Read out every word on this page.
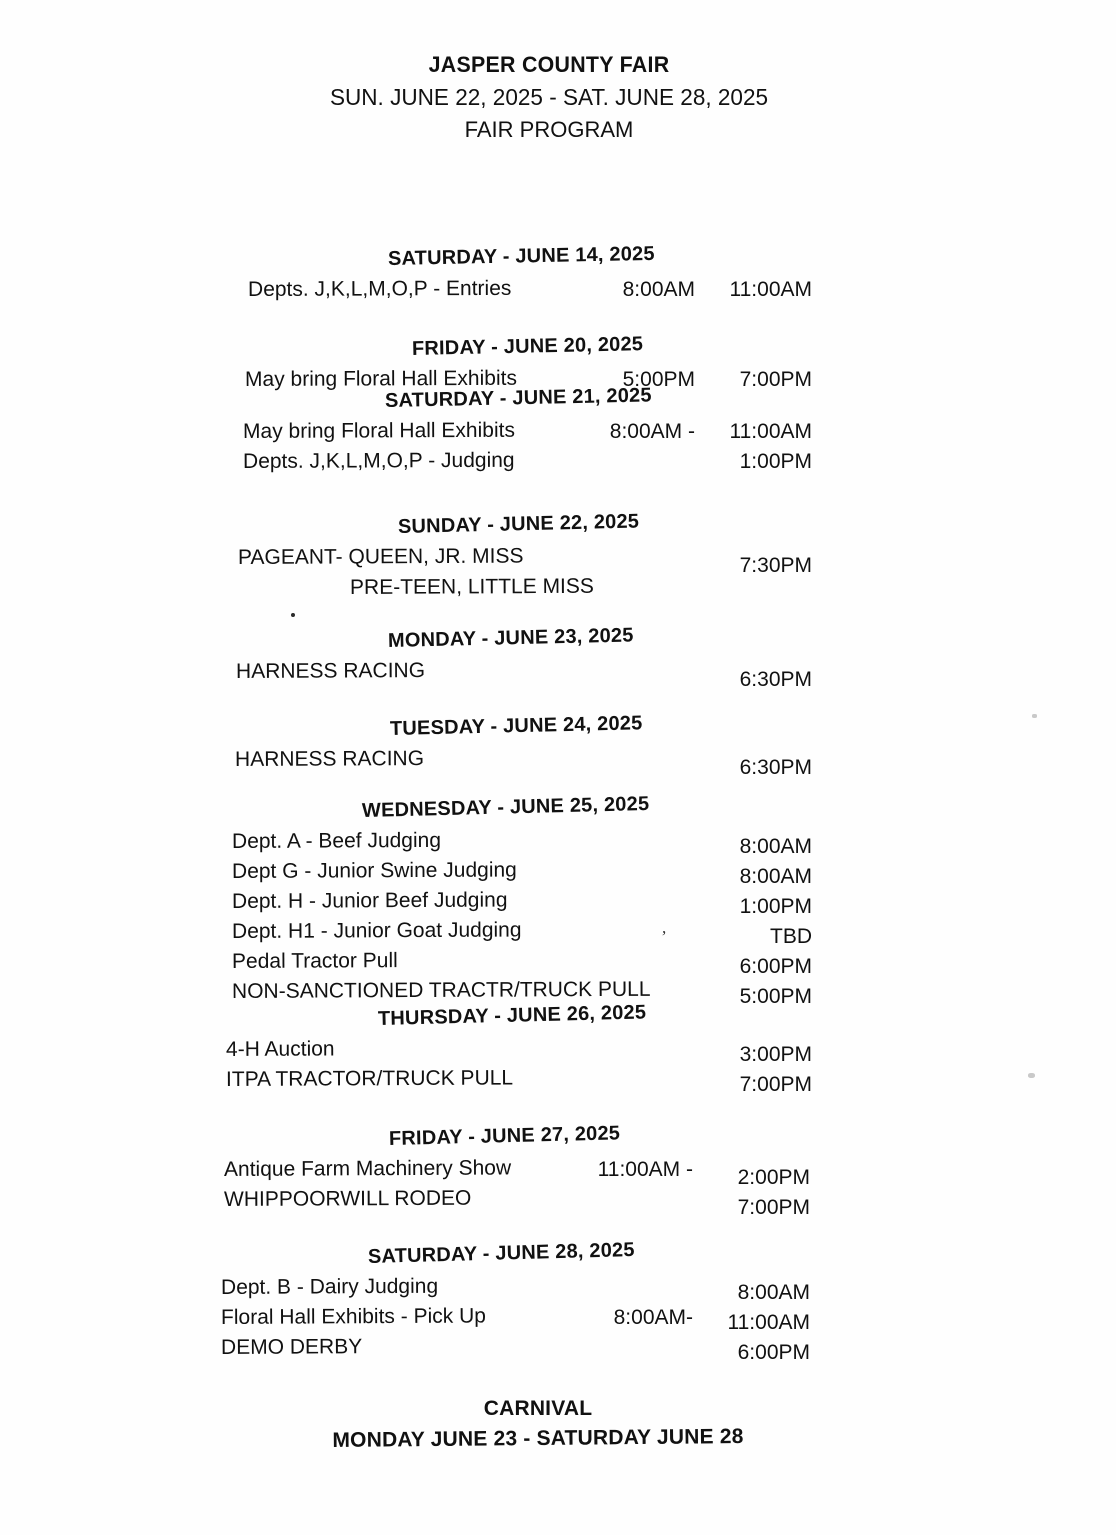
JASPER COUNTY FAIR
SUN. JUNE 22, 2025 - SAT. JUNE 28, 2025
FAIR PROGRAM
SATURDAY - JUNE 14, 2025
Depts. J,K,L,M,O,P - Entries	8:00AM	11:00AM
FRIDAY - JUNE 20, 2025
May bring Floral Hall Exhibits	5:00PM	7:00PM
SATURDAY - JUNE 21, 2025
May bring Floral Hall Exhibits	8:00AM -	11:00AM
Depts. J,K,L,M,O,P - Judging	1:00PM
SUNDAY - JUNE 22, 2025
PAGEANT- QUEEN, JR. MISS	7:30PM
PRE-TEEN, LITTLE MISS
MONDAY - JUNE 23, 2025
HARNESS RACING	6:30PM
TUESDAY - JUNE 24, 2025
HARNESS RACING	6:30PM
WEDNESDAY - JUNE 25, 2025
Dept. A - Beef Judging	8:00AM
Dept G - Junior Swine Judging	8:00AM
Dept. H - Junior Beef Judging	1:00PM
Dept. H1 - Junior Goat Judging	TBD
Pedal Tractor Pull	6:00PM
NON-SANCTIONED TRACTR/TRUCK PULL	5:00PM
THURSDAY - JUNE 26, 2025
4-H Auction	3:00PM
ITPA TRACTOR/TRUCK PULL	7:00PM
FRIDAY - JUNE 27, 2025
Antique Farm Machinery Show	11:00AM -	2:00PM
WHIPPOORWILL RODEO	7:00PM
SATURDAY - JUNE 28, 2025
Dept. B - Dairy Judging	8:00AM
Floral Hall Exhibits - Pick Up	8:00AM-	11:00AM
DEMO DERBY	6:00PM
CARNIVAL
MONDAY JUNE 23 - SATURDAY JUNE 28
,
